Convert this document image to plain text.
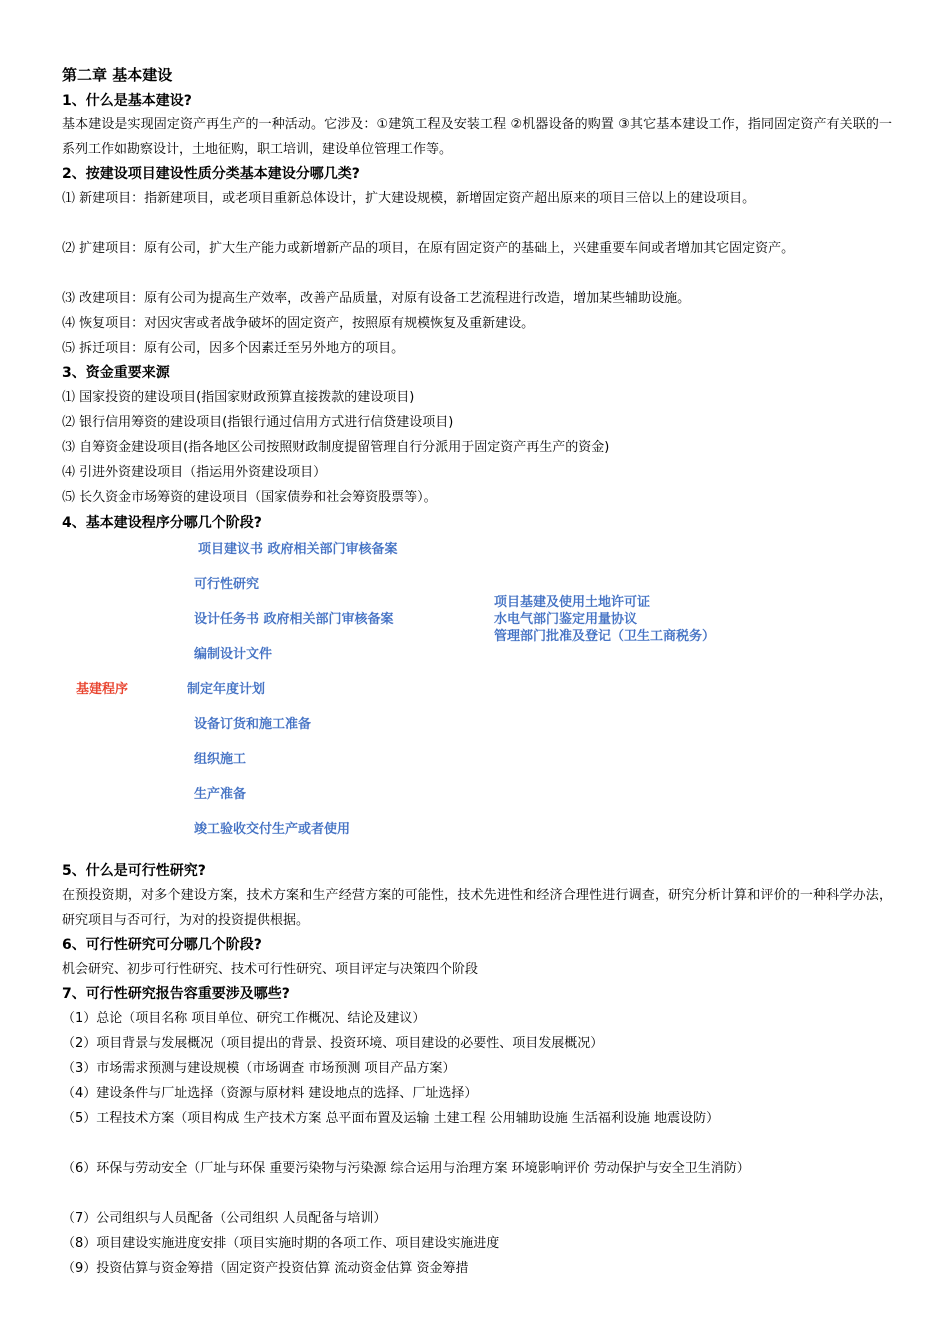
第二章 基本建设
1、什么是基本建设?
基本建设是实现固定资产再生产的一种活动。它涉及：①建筑工程及安装工程 ②机器设备的购置 ③其它基本建设工作，指同固定资产有关联的一系列工作如勘察设计，土地征购，职工培训，建设单位管理工作等。
2、按建设项目建设性质分类基本建设分哪几类?
⑴ 新建项目：指新建项目，或老项目重新总体设计，扩大建设规模，新增固定资产超出原来的项目三倍以上的建设项目。
⑵ 扩建项目：原有公司，扩大生产能力或新增新产品的项目，在原有固定资产的基础上，兴建重要车间或者增加其它固定资产。
⑶ 改建项目：原有公司为提高生产效率，改善产品质量，对原有设备工艺流程进行改造，增加某些辅助设施。
⑷ 恢复项目：对因灾害或者战争破坏的固定资产，按照原有规模恢复及重新建设。
⑸ 拆迁项目：原有公司，因多个因素迁至另外地方的项目。
3、资金重要来源
⑴ 国家投资的建设项目(指国家财政预算直接拨款的建设项目)
⑵ 银行信用筹资的建设项目(指银行通过信用方式进行信贷建设项目)
⑶ 自筹资金建设项目(指各地区公司按照财政制度提留管理自行分派用于固定资产再生产的资金)
⑷ 引进外资建设项目（指运用外资建设项目）
⑸ 长久资金市场筹资的建设项目（国家债券和社会筹资股票等）。
4、基本建设程序分哪几个阶段?
基建程序
项目建议书 政府相关部门审核备案
可行性研究
设计任务书 政府相关部门审核备案
编制设计文件
制定年度计划
设备订货和施工准备
组织施工
生产准备
竣工验收交付生产或者使用
项目基建及使用土地许可证
水电气部门鉴定用量协议
管理部门批准及登记（卫生工商税务）
5、什么是可行性研究?
在预投资期，对多个建设方案，技术方案和生产经营方案的可能性，技术先进性和经济合理性进行调查，研究分析计算和评价的一种科学办法，研究项目与否可行，为对的投资提供根据。
6、可行性研究可分哪几个阶段?
机会研究、初步可行性研究、技术可行性研究、项目评定与决策四个阶段
7、可行性研究报告容重要涉及哪些?
（1）总论（项目名称 项目单位、研究工作概况、结论及建议）
（2）项目背景与发展概况（项目提出的背景、投资环境、项目建设的必要性、项目发展概况）
（3）市场需求预测与建设规模（市场调查 市场预测 项目产品方案）
（4）建设条件与厂址选择（资源与原材料 建设地点的选择、厂址选择）
（5）工程技术方案（项目构成 生产技术方案 总平面布置及运输 土建工程 公用辅助设施 生活福利设施 地震设防）
（6）环保与劳动安全（厂址与环保 重要污染物与污染源 综合运用与治理方案 环境影响评价 劳动保护与安全卫生消防）
（7）公司组织与人员配备（公司组织 人员配备与培训）
（8）项目建设实施进度安排（项目实施时期的各项工作、项目建设实施进度
（9）投资估算与资金筹措（固定资产投资估算 流动资金估算 资金筹措
